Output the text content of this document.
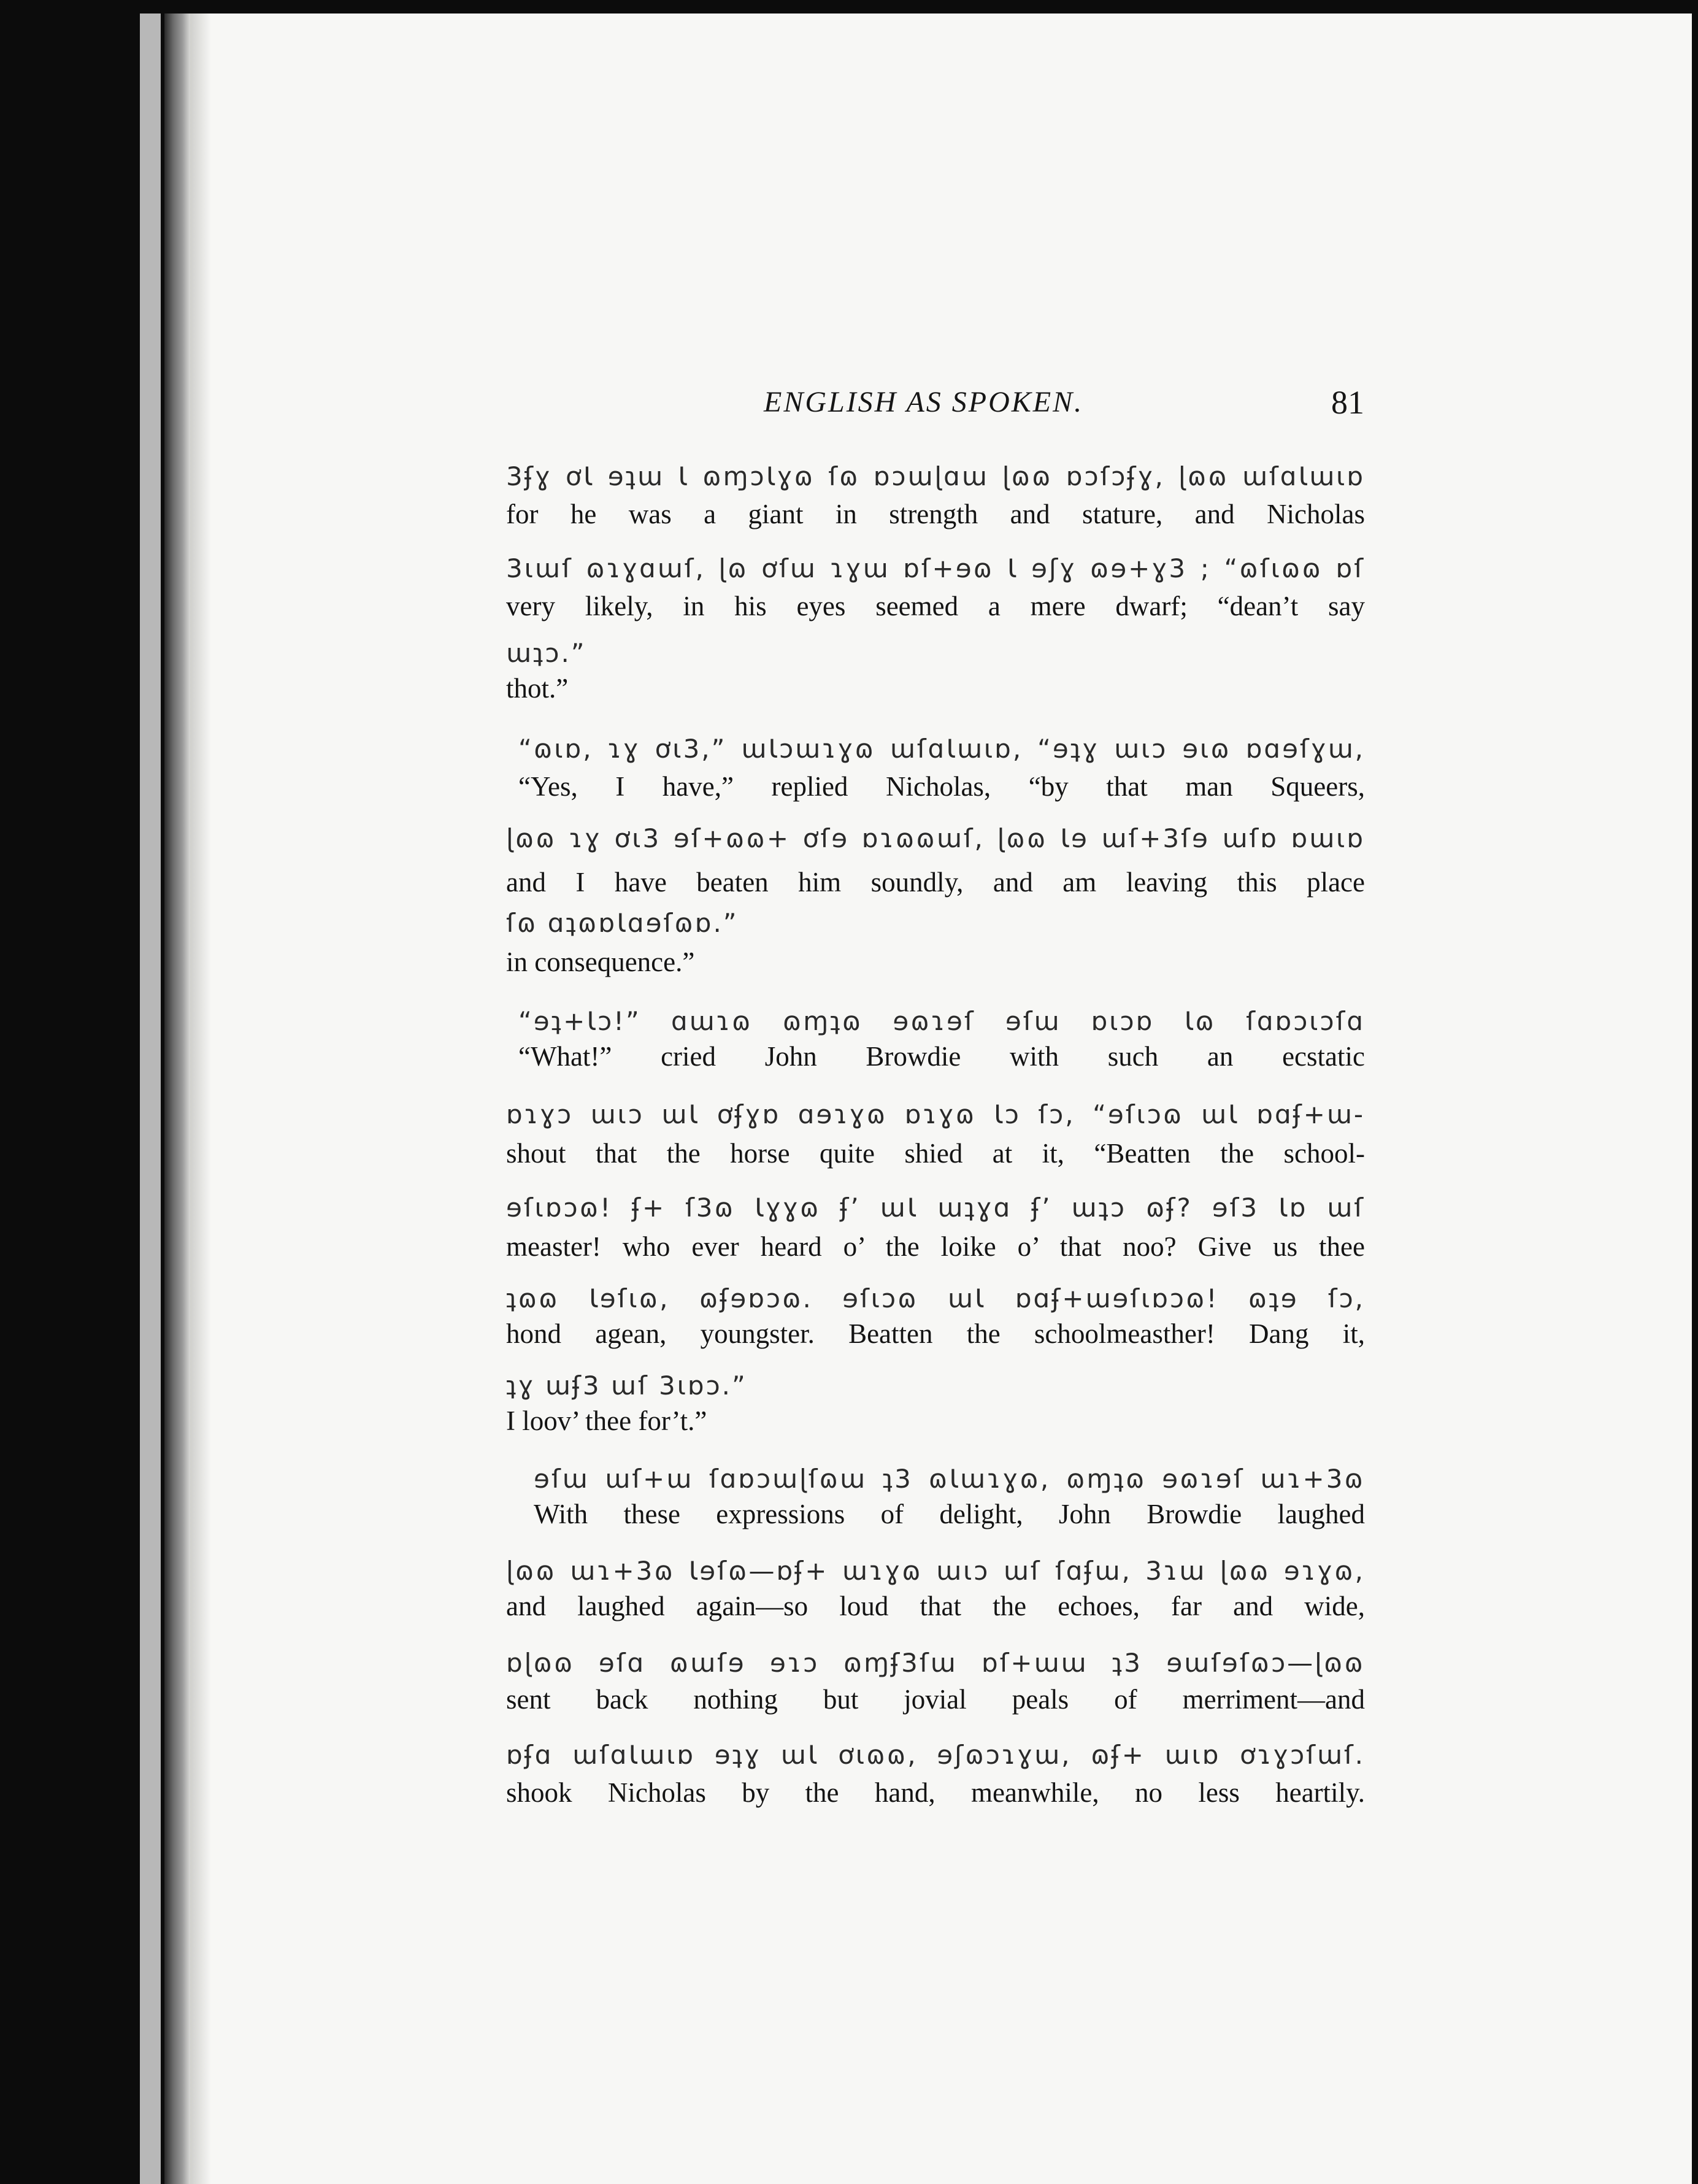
ENGLISH AS SPOKEN.	81
3ʄɣ ơƖ ɘʇɯ Ɩ ɷɱɔƖɣɷ ſɷ ɒɔɯɭɑɯ ɭɷɷ ɒɔſɔʄɣ, ɭɷɷ ɯſɑƖɯɩɒ
for he was a giant in strength and stature, and Nicholas
3ɩɯſ ɷɿɣɑɯſ, ɭɷ ơſɯ ɿɣɯ ɒſ+ɘɷ Ɩ ɘʃɣ ɷɘ+ɣ3 ; “ɷſɩɷɷ ɒſ
very likely, in his eyes seemed a mere dwarf; “dean’t say
ɯʇɔ.”
thot.”
“ɷɩɒ, ɿɣ ơɩ3,” ɯƖɔɯɿɣɷ ɯſɑƖɯɩɒ, “ɘʇɣ ɯɩɔ ɘɩɷ ɒɑɘſɣɯ,
“Yes, I have,” replied Nicholas, “by that man Squeers,
ɭɷɷ ɿɣ ơɩ3 ɘſ+ɷɷ+ ơſɘ ɒɿɷɷɯſ, ɭɷɷ Ɩɘ ɯſ+3ſɘ ɯſɒ ɒɯɩɒ
and I have beaten him soundly, and am leaving this place
ſɷ ɑʇɷɒƖɑɘſɷɒ.”
in consequence.”
“ɘʇ+Ɩɔ!” ɑɯɿɷ ɷɱʇɷ ɘɷɿɘſ ɘſɯ ɒɩɔɒ Ɩɷ ſɑɒɔɩɔſɑ
“What!” cried John Browdie with such an ecstatic
ɒɿɣɔ ɯɩɔ ɯƖ ơʄɣɒ ɑɘɿɣɷ ɒɿɣɷ Ɩɔ ſɔ, “ɘſɩɔɷ ɯƖ ɒɑʄ+ɯ-
shout that the horse quite shied at it, “Beatten the school-
ɘſɩɒɔɷ! ʄ+ ſ3ɷ Ɩɣɣɷ ʄ’ ɯƖ ɯʇɣɑ ʄ’ ɯʇɔ ɷʄ? ɘſ3 Ɩɒ ɯſ
measter! who ever heard o’ the loike o’ that noo? Give us thee
ʇɷɷ Ɩɘſɩɷ, ɷʄɘɒɔɷ. ɘſɩɔɷ ɯƖ ɒɑʄ+ɯɘſɩɒɔɷ! ɷʇɘ ſɔ,
hond agean, youngster. Beatten the schoolmeasther! Dang it,
ʇɣ ɯʄ3 ɯſ 3ɩɒɔ.”
I loov’ thee for’t.”
ɘſɯ ɯſ+ɯ ſɑɒɔɯɭſɷɯ ʇ3 ɷƖɯɿɣɷ, ɷɱʇɷ ɘɷɿɘſ ɯɿ+3ɷ
With these expressions of delight, John Browdie laughed
ɭɷɷ ɯɿ+3ɷ Ɩɘſɷ—ɒʄ+ ɯɿɣɷ ɯɩɔ ɯſ ſɑʄɯ, 3ɿɯ ɭɷɷ ɘɿɣɷ,
and laughed again—so loud that the echoes, far and wide,
ɒɭɷɷ ɘſɑ ɷɯſɘ ɘɿɔ ɷɱʄ3ſɯ ɒſ+ɯɯ ʇ3 ɘɯſɘſɷɔ—ɭɷɷ
sent back nothing but jovial peals of merriment—and
ɒʄɑ ɯſɑƖɯɩɒ ɘʇɣ ɯƖ ơɩɷɷ, ɘʃɷɔɿɣɯ, ɷʄ+ ɯɩɒ ơɿɣɔſɯſ.
shook Nicholas by the hand, meanwhile, no less heartily.
